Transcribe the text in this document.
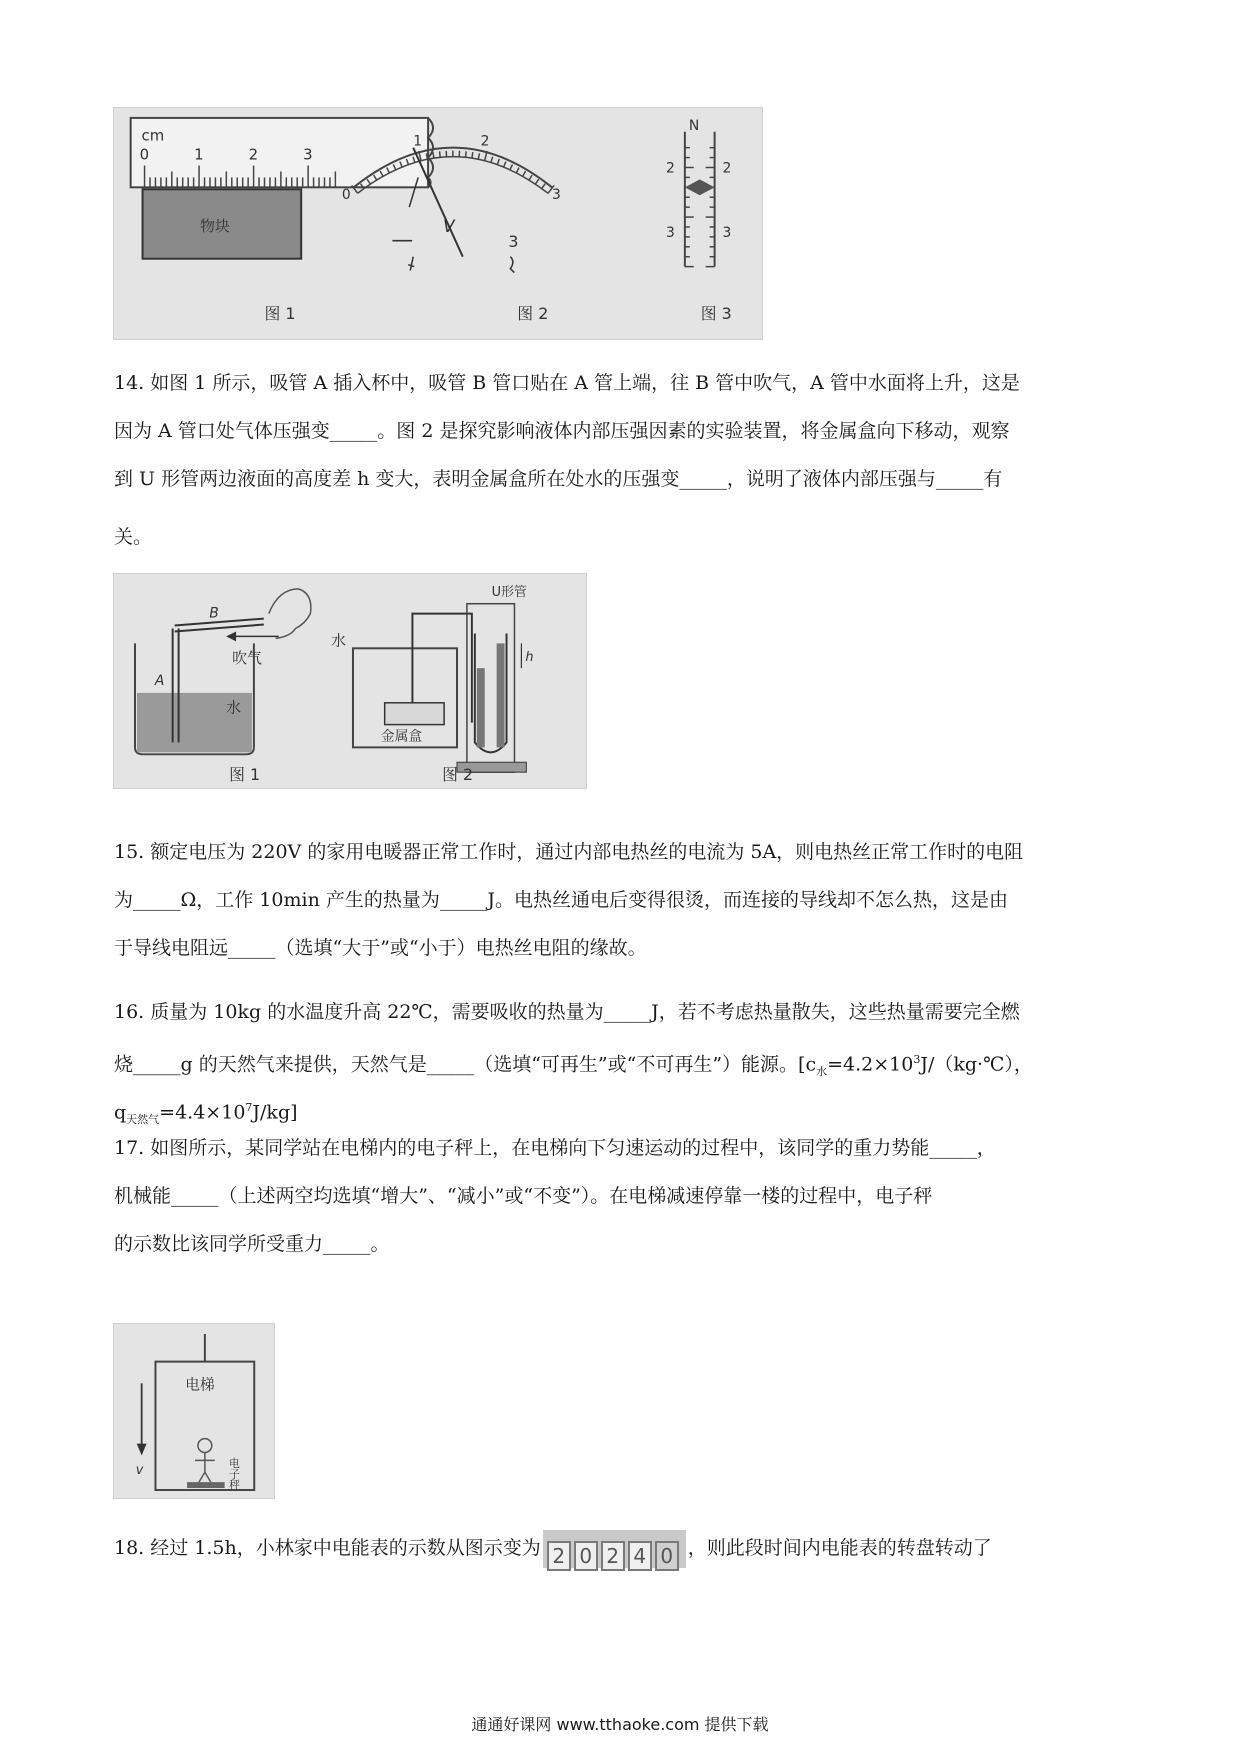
cm
0	1	2	3
物块
0
1	2
3
—
V
3
N
2	2
3	3
图 1	图 2	图 3
14. 如图 1 所示，吸管 A 插入杯中，吸管 B 管口贴在 A 管上端，往 B 管中吹气，A 管中水面将上升，这是
因为 A 管口处气体压强变_____。图 2 是探究影响液体内部压强因素的实验装置，将金属盒向下移动，观察
到 U 形管两边液面的高度差 h 变大，表明金属盒所在处水的压强变_____，说明了液体内部压强与_____有
关。
B
吹气
A
水
水
金属盒
U形管
h
图 1	图 2
15. 额定电压为 220V 的家用电暖器正常工作时，通过内部电热丝的电流为 5A，则电热丝正常工作时的电阻
为_____Ω，工作 10min 产生的热量为_____J。电热丝通电后变得很烫，而连接的导线却不怎么热，这是由
于导线电阻远_____（选填“大于”或“小于）电热丝电阻的缘故。
16. 质量为 10kg 的水温度升高 22℃，需要吸收的热量为_____J，若不考虑热量散失，这些热量需要完全燃
烧_____g 的天然气来提供，天然气是_____（选填“可再生”或“不可再生”）能源。[$c_水=4.2\times 10^3J/(kg\cdot℃)$，
$q_{天然气}=4.4\times 10^7J/kg$]
17. 如图所示，某同学站在电梯内的电子秤上，在电梯向下匀速运动的过程中，该同学的重力势能_____，
机械能_____（上述两空均选填“增大”、“减小”或“不变”）。在电梯减速停靠一楼的过程中，电子秤
的示数比该同学所受重力_____。
电梯
v	电子秤
18. 经过 1.5h，小林家中电能表的示数从图示变为 2 0 2 4 0 ，则此段时间内电能表的转盘转动了
通通好课网 www.tthaoke.com 提供下载
